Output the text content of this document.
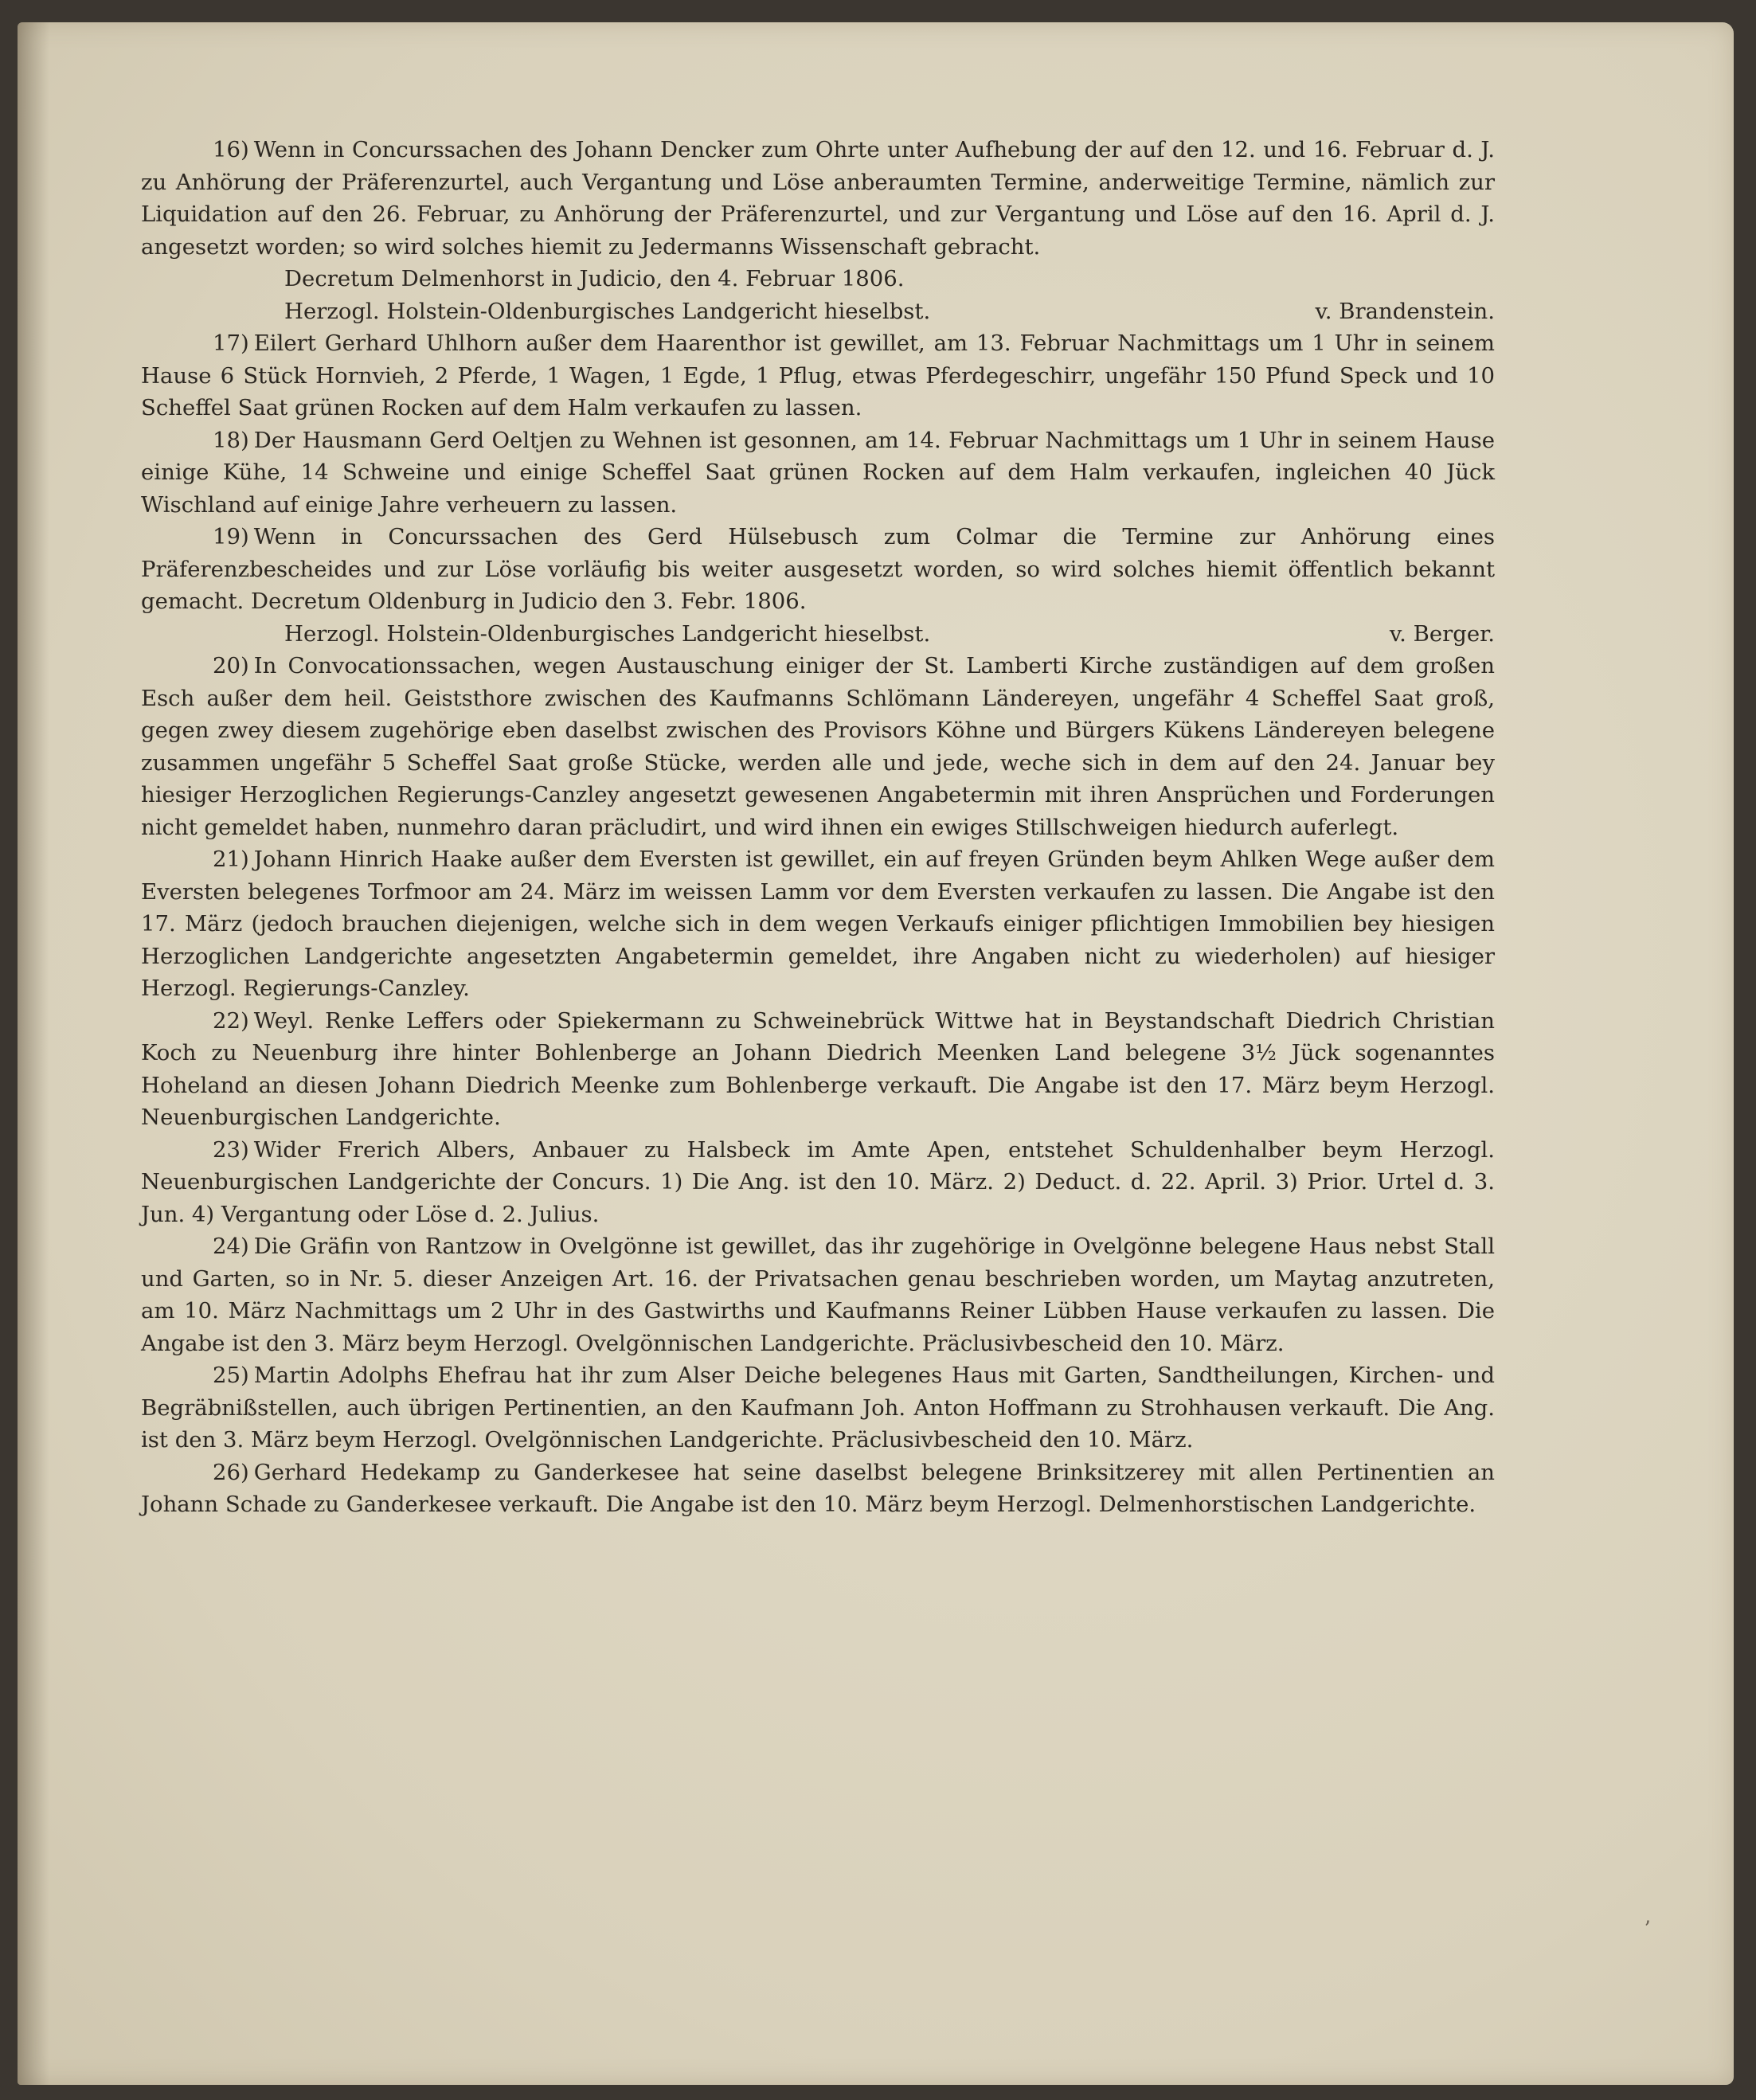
16) Wenn in Concurssachen des Johann Dencker zum Ohrte unter Aufhebung der auf den 12. und 16. Februar d. J. zu Anhörung der Präferenzurtel, auch Vergantung und Löse anberaumten Termine, anderweitige Termine, nämlich zur Liquidation auf den 26. Februar, zu Anhörung der Präferenzurtel, und zur Vergantung und Löse auf den 16. April d. J. angesetzt worden; so wird solches hiemit zu Jedermanns Wissenschaft gebracht.

Decretum Delmenhorst in Judicio, den 4. Februar 1806.

Herzogl. Holstein-Oldenburgisches Landgericht hieselbst.	v. Brandenstein.

17) Eilert Gerhard Uhlhorn außer dem Haarenthor ist gewillet, am 13. Februar Nachmittags um 1 Uhr in seinem Hause 6 Stück Hornvieh, 2 Pferde, 1 Wagen, 1 Egde, 1 Pflug, etwas Pferdegeschirr, ungefähr 150 Pfund Speck und 10 Scheffel Saat grünen Rocken auf dem Halm verkaufen zu lassen.

18) Der Hausmann Gerd Oeltjen zu Wehnen ist gesonnen, am 14. Februar Nachmittags um 1 Uhr in seinem Hause einige Kühe, 14 Schweine und einige Scheffel Saat grünen Rocken auf dem Halm verkaufen, ingleichen 40 Jück Wischland auf einige Jahre verheuern zu lassen.

19) Wenn in Concurssachen des Gerd Hülsebusch zum Colmar die Termine zur Anhörung eines Präferenzbescheides und zur Löse vorläufig bis weiter ausgesetzt worden, so wird solches hiemit öffentlich bekannt gemacht. Decretum Oldenburg in Judicio den 3. Febr. 1806.

Herzogl. Holstein-Oldenburgisches Landgericht hieselbst.	v. Berger.

20) In Convocationssachen, wegen Austauschung einiger der St. Lamberti Kirche zuständigen auf dem großen Esch außer dem heil. Geiststhore zwischen des Kaufmanns Schlömann Ländereyen, ungefähr 4 Scheffel Saat groß, gegen zwey diesem zugehörige eben daselbst zwischen des Provisors Köhne und Bürgers Kükens Ländereyen belegene zusammen ungefähr 5 Scheffel Saat große Stücke, werden alle und jede, weche sich in dem auf den 24. Januar bey hiesiger Herzoglichen Regierungs-Canzley angesetzt gewesenen Angabetermin mit ihren Ansprüchen und Forderungen nicht gemeldet haben, nunmehro daran präcludirt, und wird ihnen ein ewiges Stillschweigen hiedurch auferlegt.

21) Johann Hinrich Haake außer dem Eversten ist gewillet, ein auf freyen Gründen beym Ahlken Wege außer dem Eversten belegenes Torfmoor am 24. März im weissen Lamm vor dem Eversten verkaufen zu lassen. Die Angabe ist den 17. März (jedoch brauchen diejenigen, welche sich in dem wegen Verkaufs einiger pflichtigen Immobilien bey hiesigen Herzoglichen Landgerichte angesetzten Angabetermin gemeldet, ihre Angaben nicht zu wiederholen) auf hiesiger Herzogl. Regierungs-Canzley.

22) Weyl. Renke Leffers oder Spiekermann zu Schweinebrück Wittwe hat in Beystandschaft Diedrich Christian Koch zu Neuenburg ihre hinter Bohlenberge an Johann Diedrich Meenken Land belegene 3½ Jück sogenanntes Hoheland an diesen Johann Diedrich Meenke zum Bohlenberge verkauft. Die Angabe ist den 17. März beym Herzogl. Neuenburgischen Landgerichte.

23) Wider Frerich Albers, Anbauer zu Halsbeck im Amte Apen, entstehet Schuldenhalber beym Herzogl. Neuenburgischen Landgerichte der Concurs. 1) Die Ang. ist den 10. März. 2) Deduct. d. 22. April. 3) Prior. Urtel d. 3. Jun. 4) Vergantung oder Löse d. 2. Julius.

24) Die Gräfin von Rantzow in Ovelgönne ist gewillet, das ihr zugehörige in Ovelgönne belegene Haus nebst Stall und Garten, so in Nr. 5. dieser Anzeigen Art. 16. der Privatsachen genau beschrieben worden, um Maytag anzutreten, am 10. März Nachmittags um 2 Uhr in des Gastwirths und Kaufmanns Reiner Lübben Hause verkaufen zu lassen. Die Angabe ist den 3. März beym Herzogl. Ovelgönnischen Landgerichte. Präclusivbescheid den 10. März.

25) Martin Adolphs Ehefrau hat ihr zum Alser Deiche belegenes Haus mit Garten, Sandtheilungen, Kirchen- und Begräbnißstellen, auch übrigen Pertinentien, an den Kaufmann Joh. Anton Hoffmann zu Strohhausen verkauft. Die Ang. ist den 3. März beym Herzogl. Ovelgönnischen Landgerichte. Präclusivbescheid den 10. März.

26) Gerhard Hedekamp zu Ganderkesee hat seine daselbst belegene Brinksitzerey mit allen Pertinentien an Johann Schade zu Ganderkesee verkauft. Die Angabe ist den 10. März beym Herzogl. Delmenhorstischen Landgerichte.

ʼ
